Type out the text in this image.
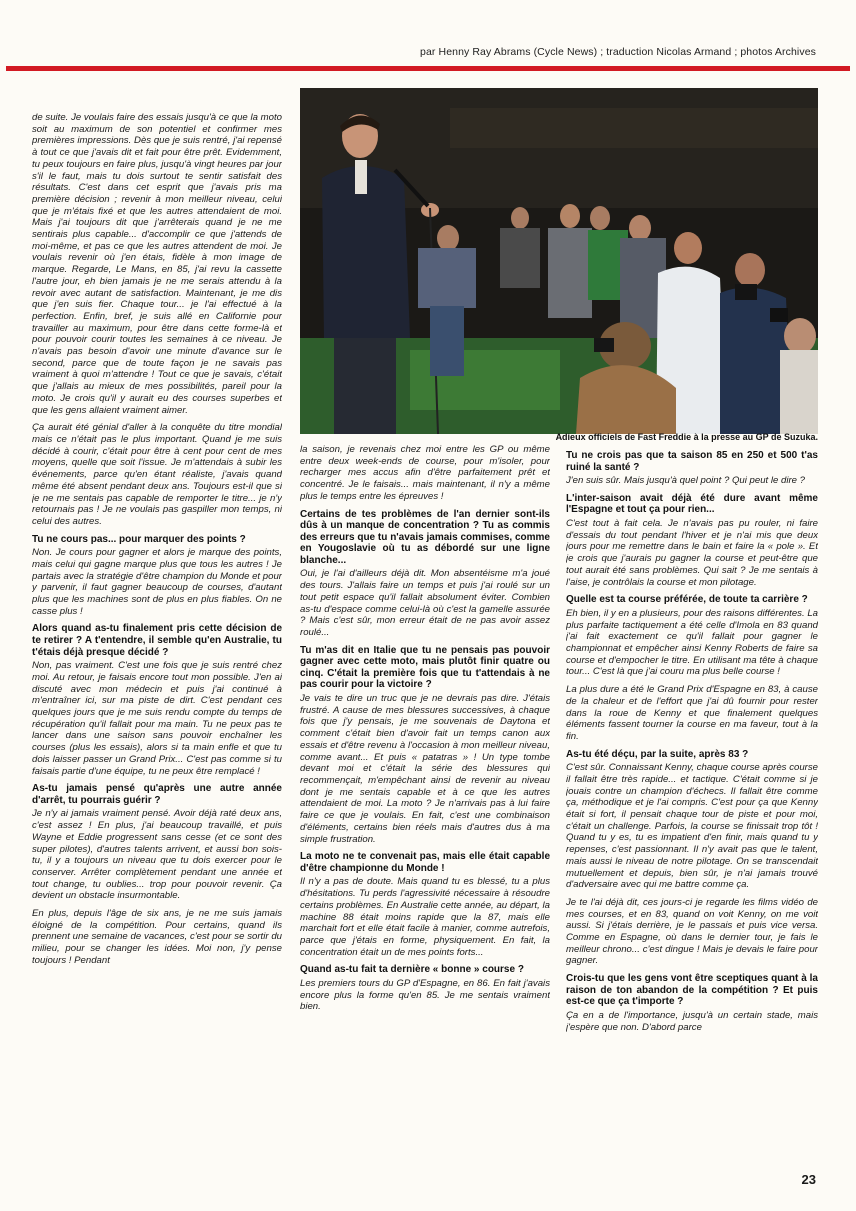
par Henny Ray Abrams (Cycle News) ; traduction Nicolas Armand ; photos Archives

de suite. Je voulais faire des essais jusqu'à ce que la moto soit au maximum de son potentiel et confirmer mes premières impressions. Dès que je suis rentré, j'ai repensé à tout ce que j'avais dit et fait pour être prêt. Evidemment, tu peux toujours en faire plus, jusqu'à vingt heures par jour s'il le faut, mais tu dois surtout te sentir satisfait des résultats. C'est dans cet esprit que j'avais pris ma première décision ; revenir à mon meilleur niveau, celui que je m'étais fixé et que les autres attendaient de moi. Mais j'ai toujours dit que j'arrêterais quand je ne me sentirais plus capable... d'accomplir ce que j'attends de moi-même, et pas ce que les autres attendent de moi. Je voulais revenir où j'en étais, fidèle à mon image de marque. Regarde, Le Mans, en 85, j'ai revu la cassette l'autre jour, eh bien jamais je ne me serais attendu à la revoir avec autant de satisfaction. Maintenant, je me dis que j'en suis fier. Chaque tour... je l'ai effectué à la perfection. Enfin, bref, je suis allé en Californie pour travailler au maximum, pour être dans cette forme-là et pour pouvoir courir toutes les semaines à ce niveau. Je n'avais pas besoin d'avoir une minute d'avance sur le second, parce que de toute façon je ne savais pas vraiment à quoi m'attendre ! Tout ce que je savais, c'était que j'allais au mieux de mes possibilités, pareil pour la moto. Je crois qu'il y aurait eu des courses superbes et que les gens allaient vraiment aimer.

Ça aurait été génial d'aller à la conquête du titre mondial mais ce n'était pas le plus important. Quand je me suis décidé à courir, c'était pour être à cent pour cent de mes moyens, quelle que soit l'issue. Je m'attendais à subir les événements, parce qu'en étant réaliste, j'avais quand même été absent pendant deux ans. Toujours est-il que si je ne me sentais pas capable de remporter le titre... je n'y retournais pas ! Je ne voulais pas gaspiller mon temps, ni celui des autres.

Tu ne cours pas... pour marquer des points ?

Non. Je cours pour gagner et alors je marque des points, mais celui qui gagne marque plus que tous les autres ! Je partais avec la stratégie d'être champion du Monde et pour y parvenir, il faut gagner beaucoup de courses, d'autant plus que les machines sont de plus en plus fiables. On ne casse plus !

Alors quand as-tu finalement pris cette décision de te retirer ? A t'entendre, il semble qu'en Australie, tu t'étais déjà presque décidé ?

Non, pas vraiment. C'est une fois que je suis rentré chez moi. Au retour, je faisais encore tout mon possible. J'en ai discuté avec mon médecin et puis j'ai continué à m'entraîner ici, sur ma piste de dirt. C'est pendant ces quelques jours que je me suis rendu compte du temps de récupération qu'il fallait pour ma main. Tu ne peux pas te lancer dans une saison sans pouvoir enchaîner les courses (plus les essais), alors si ta main enfle et que tu dois laisser passer un Grand Prix... C'est pas comme si tu faisais partie d'une équipe, tu ne peux être remplacé !

As-tu jamais pensé qu'après une autre année d'arrêt, tu pourrais guérir ?

Je n'y ai jamais vraiment pensé. Avoir déjà raté deux ans, c'est assez ! En plus, j'ai beaucoup travaillé, et puis Wayne et Eddie progressent sans cesse (et ce sont des super pilotes), d'autres talents arrivent, et aussi bon sois-tu, il y a toujours un niveau que tu dois exercer pour le conserver. Arrêter complètement pendant une année et tout change, tu oublies... trop pour pouvoir revenir. Ça devient un obstacle insurmontable.

En plus, depuis l'âge de six ans, je ne me suis jamais éloigné de la compétition. Pour certains, quand ils prennent une semaine de vacances, c'est pour se sortir du milieu, pour se changer les idées. Moi non, j'y pense toujours ! Pendant

Adieux officiels de Fast Freddie à la presse au GP de Suzuka.

la saison, je revenais chez moi entre les GP ou même entre deux week-ends de course, pour m'isoler, pour recharger mes accus afin d'être parfaitement prêt et concentré. Je le faisais... mais maintenant, il n'y a même plus le temps entre les épreuves !

Certains de tes problèmes de l'an dernier sont-ils dûs à un manque de concentration ? Tu as commis des erreurs que tu n'avais jamais commises, comme en Yougoslavie où tu as débordé sur une ligne blanche...

Oui, je l'ai d'ailleurs déjà dit. Mon absentéisme m'a joué des tours. J'allais faire un temps et puis j'ai roulé sur un tout petit espace qu'il fallait absolument éviter. Combien as-tu d'espace comme celui-là où c'est la gamelle assurée ? Mais c'est sûr, mon erreur était de ne pas avoir assez roulé...

Tu m'as dit en Italie que tu ne pensais pas pouvoir gagner avec cette moto, mais plutôt finir quatre ou cinq. C'était la première fois que tu t'attendais à ne pas courir pour la victoire ?

Je vais te dire un truc que je ne devrais pas dire. J'étais frustré. A cause de mes blessures successives, à chaque fois que j'y pensais, je me souvenais de Daytona et comment c'était bien d'avoir fait un temps canon aux essais et d'être revenu à l'occasion à mon meilleur niveau, comme avant... Et puis « patatras » ! Un type tombe devant moi et c'était la série des blessures qui recommençait, m'empêchant ainsi de revenir au niveau dont je me sentais capable et à ce que les autres attendaient de moi. La moto ? Je n'arrivais pas à lui faire faire ce que je voulais. En fait, c'est une combinaison d'éléments, certains bien réels mais d'autres dus à ma simple frustration.

La moto ne te convenait pas, mais elle était capable d'être championne du Monde !

Il n'y a pas de doute. Mais quand tu es blessé, tu a plus d'hésitations. Tu perds l'agressivité nécessaire à résoudre certains problèmes. En Australie cette année, au départ, la machine 88 était moins rapide que la 87, mais elle marchait fort et elle était facile à manier, comme autrefois, parce que j'étais en forme, physiquement. En fait, la concentration était un de mes points forts...

Quand as-tu fait ta dernière « bonne » course ?

Les premiers tours du GP d'Espagne, en 86. En fait j'avais encore plus la forme qu'en 85. Je me sentais vraiment bien.

Tu ne crois pas que ta saison 85 en 250 et 500 t'as ruiné la santé ?

J'en suis sûr. Mais jusqu'à quel point ? Qui peut le dire ?

L'inter-saison avait déjà été dure avant même l'Espagne et tout ça pour rien...

C'est tout à fait cela. Je n'avais pas pu rouler, ni faire d'essais du tout pendant l'hiver et je n'ai mis que deux jours pour me remettre dans le bain et faire la « pole ». Et je crois que j'aurais pu gagner la course et peut-être que tout aurait été sans problèmes. Qui sait ? Je me sentais à l'aise, je contrôlais la course et mon pilotage.

Quelle est ta course préférée, de toute ta carrière ?

Eh bien, il y en a plusieurs, pour des raisons différentes. La plus parfaite tactiquement a été celle d'Imola en 83 quand j'ai fait exactement ce qu'il fallait pour gagner le championnat et empêcher ainsi Kenny Roberts de faire sa course et d'empocher le titre. En utilisant ma tête à chaque tour... C'est là que j'ai couru ma plus belle course !

La plus dure a été le Grand Prix d'Espagne en 83, à cause de la chaleur et de l'effort que j'ai dû fournir pour rester dans la roue de Kenny et que finalement quelques éléments fassent tourner la course en ma faveur, tout à la fin.

As-tu été déçu, par la suite, après 83 ?

C'est sûr. Connaissant Kenny, chaque course après course il fallait être très rapide... et tactique. C'était comme si je jouais contre un champion d'échecs. Il fallait être comme ça, méthodique et je l'ai compris. C'est pour ça que Kenny était si fort, il pensait chaque tour de piste et pour moi, c'était un challenge. Parfois, la course se finissait trop tôt ! Quand tu y es, tu es impatient d'en finir, mais quand tu y repenses, c'est passionnant. Il n'y avait pas que le talent, mais aussi le niveau de notre pilotage. On se transcendait mutuellement et depuis, bien sûr, je n'ai jamais trouvé d'adversaire avec qui me battre comme ça.

Je te l'ai déjà dit, ces jours-ci je regarde les films vidéo de mes courses, et en 83, quand on voit Kenny, on me voit aussi. Si j'étais derrière, je le passais et puis vice versa. Comme en Espagne, où dans le dernier tour, je fais le meilleur chrono... c'est dingue ! Mais je devais le faire pour gagner.

Crois-tu que les gens vont être sceptiques quant à la raison de ton abandon de la compétition ? Et puis est-ce que ça t'importe ?

Ça en a de l'importance, jusqu'à un certain stade, mais j'espère que non. D'abord parce

23
